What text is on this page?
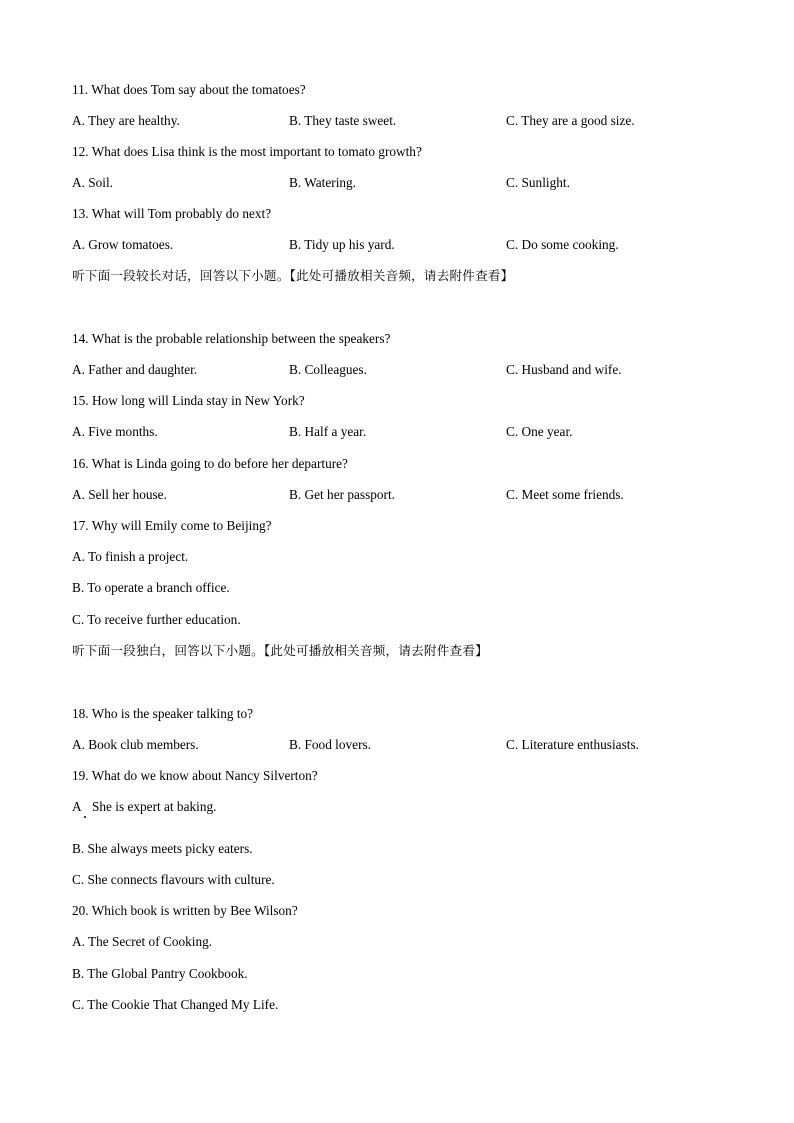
11. What does Tom say about the tomatoes?
A. They are healthy.	B. They taste sweet.	C. They are a good size.
12. What does Lisa think is the most important to tomato growth?
A. Soil.	B. Watering.	C. Sunlight.
13. What will Tom probably do next?
A. Grow tomatoes.	B. Tidy up his yard.	C. Do some cooking.
听下面一段较长对话，回答以下小题。【此处可播放相关音频，请去附件查看】
14. What is the probable relationship between the speakers?
A. Father and daughter.	B. Colleagues.	C. Husband and wife.
15. How long will Linda stay in New York?
A. Five months.	B. Half a year.	C. One year.
16. What is Linda going to do before her departure?
A. Sell her house.	B. Get her passport.	C. Meet some friends.
17. Why will Emily come to Beijing?
A. To finish a project.
B. To operate a branch office.
C. To receive further education.
听下面一段独白，回答以下小题。【此处可播放相关音频，请去附件查看】
18. Who is the speaker talking to?
A. Book club members.	B. Food lovers.	C. Literature enthusiasts.
19. What do we know about Nancy Silverton?
A She is expert at baking.
B. She always meets picky eaters.
C. She connects flavours with culture.
20. Which book is written by Bee Wilson?
A. The Secret of Cooking.
B. The Global Pantry Cookbook.
C. The Cookie That Changed My Life.
